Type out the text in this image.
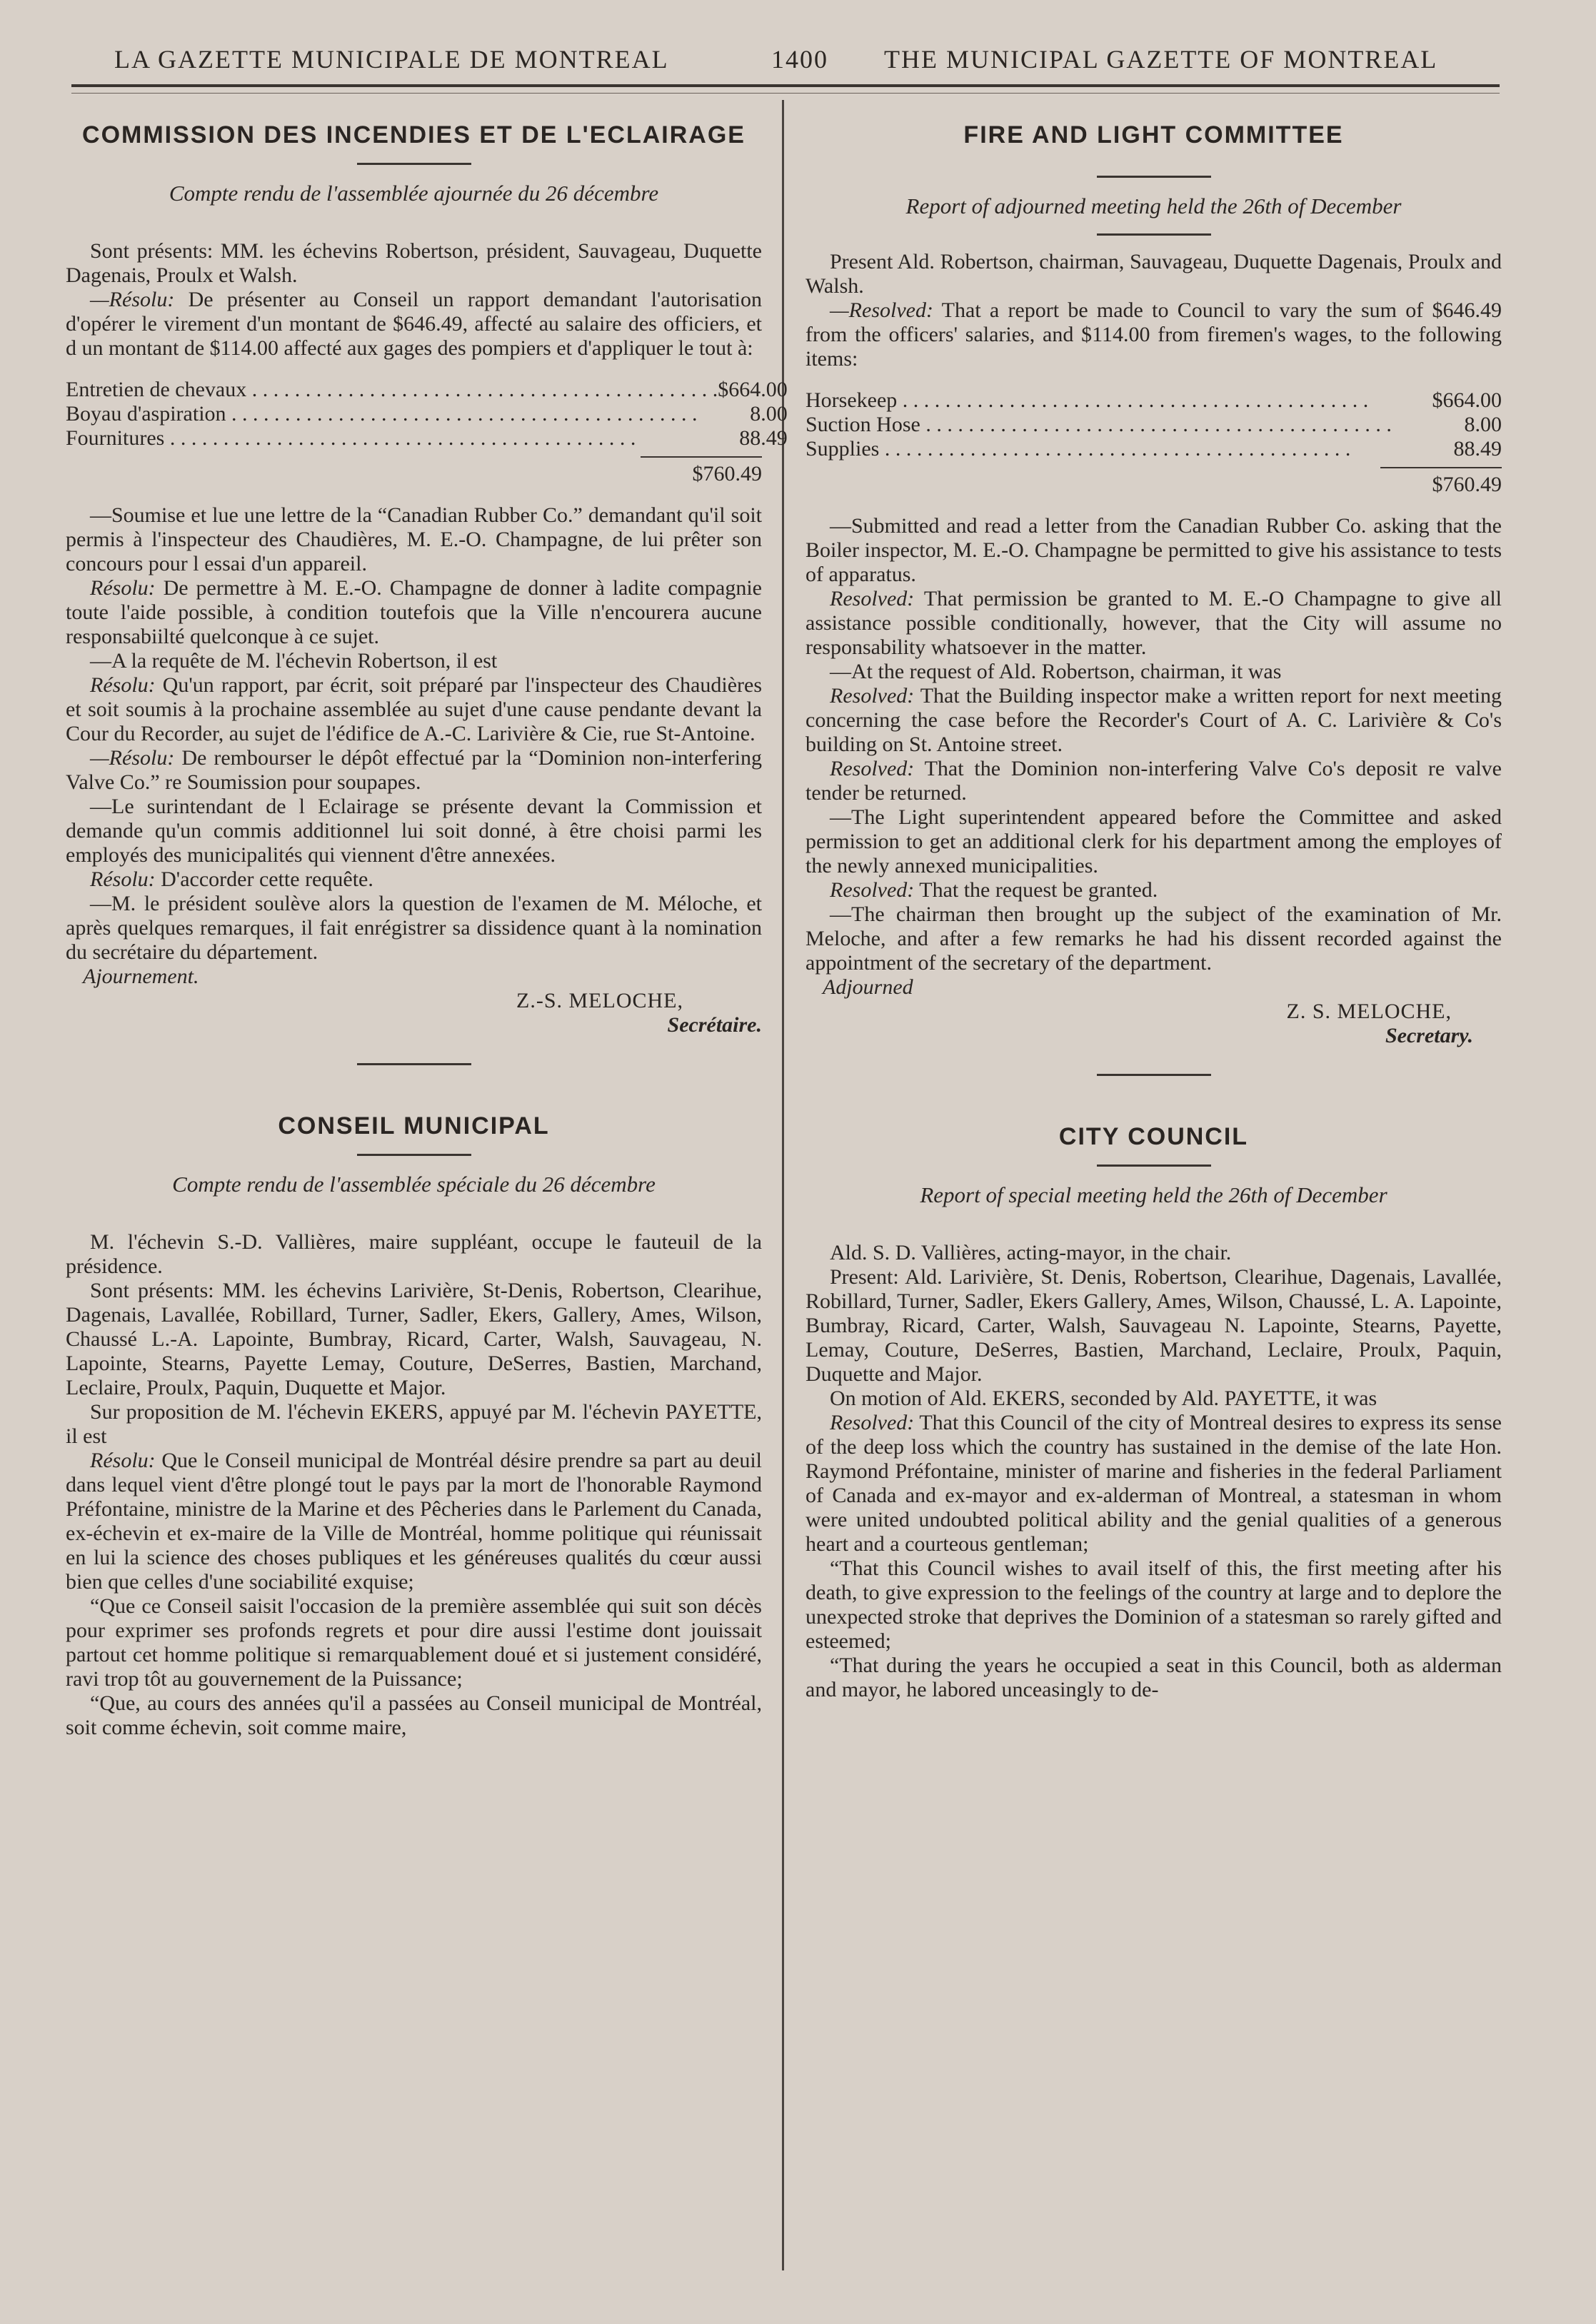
LA GAZETTE MUNICIPALE DE MONTREAL	1400 THE MUNICIPAL GAZETTE OF MONTREAL
COMMISSION DES INCENDIES ET DE L'ECLAIRAGE

Compte rendu de l'assemblée ajournée du 26 décembre

Sont présents: MM. les échevins Robertson, président, Sauvageau, Duquette Dagenais, Proulx et Walsh.

—Résolu: De présenter au Conseil un rapport demandant l'autorisation d'opérer le virement d'un montant de $646.49, affecté au salaire des officiers, et d un montant de $114.00 affecté aux gages des pompiers et d'appliquer le tout à:

Entretien de chevaux . . .	$664.00
Boyau d'aspiration . . .	8.00
Fournitures . . .	88.49
$760.49

—Soumise et lue une lettre de la “Canadian Rubber Co.” demandant qu'il soit permis à l'inspecteur des Chaudières, M. E.-O. Champagne, de lui prêter son concours pour l essai d'un appareil.

Résolu: De permettre à M. E.-O. Champagne de donner à ladite compagnie toute l'aide possible, à condition toutefois que la Ville n'encourera aucune responsabiilté quelconque à ce sujet.

—A la requête de M. l'échevin Robertson, il est

Résolu: Qu'un rapport, par écrit, soit préparé par l'inspecteur des Chaudières et soit soumis à la prochaine assemblée au sujet d'une cause pendante devant la Cour du Recorder, au sujet de l'édifice de A.-C. Larivière & Cie, rue St-Antoine.

—Résolu: De rembourser le dépôt effectué par la “Dominion non-interfering Valve Co.” re Soumission pour soupapes.

—Le surintendant de l Eclairage se présente devant la Commission et demande qu'un commis additionnel lui soit donné, à être choisi parmi les employés des municipalités qui viennent d'être annexées.

Résolu: D'accorder cette requête.

—M. le président soulève alors la question de l'examen de M. Méloche, et après quelques remarques, il fait enrégistrer sa dissidence quant à la nomination du secrétaire du département.

Ajournement.
Z.-S. MELOCHE,
Secrétaire.
CONSEIL MUNICIPAL

Compte rendu de l'assemblée spéciale du 26 décembre

M. l'échevin S.-D. Vallières, maire suppléant, occupe le fauteuil de la présidence.

Sont présents: MM. les échevins Larivière, St-Denis, Robertson, Clearihue, Dagenais, Lavallée, Robillard, Turner, Sadler, Ekers, Gallery, Ames, Wilson, Chaussé L.-A. Lapointe, Bumbray, Ricard, Carter, Walsh, Sauvageau, N. Lapointe, Stearns, Payette Lemay, Couture, DeSerres, Bastien, Marchand, Leclaire, Proulx, Paquin, Duquette et Major.

Sur proposition de M. l'échevin EKERS, appuyé par M. l'échevin PAYETTE, il est

Résolu: Que le Conseil municipal de Montréal désire prendre sa part au deuil dans lequel vient d'être plongé tout le pays par la mort de l'honorable Raymond Préfontaine, ministre de la Marine et des Pêcheries dans le Parlement du Canada, ex-échevin et ex-maire de la Ville de Montréal, homme politique qui réunissait en lui la science des choses publiques et les généreuses qualités du cœur aussi bien que celles d'une sociabilité exquise;

“Que ce Conseil saisit l'occasion de la première assemblée qui suit son décès pour exprimer ses profonds regrets et pour dire aussi l'estime dont jouissait partout cet homme politique si remarquablement doué et si justement considéré, ravi trop tôt au gouvernement de la Puissance;

“Que, au cours des années qu'il a passées au Conseil municipal de Montréal, soit comme échevin, soit comme maire,

FIRE AND LIGHT COMMITTEE

Report of adjourned meeting held the 26th of December

Present Ald. Robertson, chairman, Sauvageau, Duquette Dagenais, Proulx and Walsh.

—Resolved: That a report be made to Council to vary the sum of $646.49 from the officers' salaries, and $114.00 from firemen's wages, to the following items:

Horsekeep . . .	$664.00
Suction Hose . . .	8.00
Supplies . . .	88.49
$760.49

—Submitted and read a letter from the Canadian Rubber Co. asking that the Boiler inspector, M. E.-O. Champagne be permitted to give his assistance to tests of apparatus.

Resolved: That permission be granted to M. E.-O Champagne to give all assistance possible conditionally, however, that the City will assume no responsability whatsoever in the matter.

—At the request of Ald. Robertson, chairman, it was

Resolved: That the Building inspector make a written report for next meeting concerning the case before the Recorder's Court of A. C. Larivière & Co's building on St. Antoine street.

Resolved: That the Dominion non-interfering Valve Co's deposit re valve tender be returned.

—The Light superintendent appeared before the Committee and asked permission to get an additional clerk for his department among the employes of the newly annexed municipalities.

Resolved: That the request be granted.

—The chairman then brought up the subject of the examination of Mr. Meloche, and after a few remarks he had his dissent recorded against the appointment of the secretary of the department.

Adjourned
Z. S. MELOCHE,
Secretary.
CITY COUNCIL

Report of special meeting held the 26th of December

Ald. S. D. Vallières, acting-mayor, in the chair.

Present: Ald. Larivière, St. Denis, Robertson, Clearihue, Dagenais, Lavallée, Robillard, Turner, Sadler, Ekers Gallery, Ames, Wilson, Chaussé, L. A. Lapointe, Bumbray, Ricard, Carter, Walsh, Sauvageau N. Lapointe, Stearns, Payette, Lemay, Couture, DeSerres, Bastien, Marchand, Leclaire, Proulx, Paquin, Duquette and Major.

On motion of Ald. EKERS, seconded by Ald. PAYETTE, it was

Resolved: That this Council of the city of Montreal desires to express its sense of the deep loss which the country has sustained in the demise of the late Hon. Raymond Préfontaine, minister of marine and fisheries in the federal Parliament of Canada and ex-mayor and ex-alderman of Montreal, a statesman in whom were united undoubted political ability and the genial qualities of a generous heart and a courteous gentleman;

“That this Council wishes to avail itself of this, the first meeting after his death, to give expression to the feelings of the country at large and to deplore the unexpected stroke that deprives the Dominion of a statesman so rarely gifted and esteemed;

“That during the years he occupied a seat in this Council, both as alderman and mayor, he labored unceasingly to de-
